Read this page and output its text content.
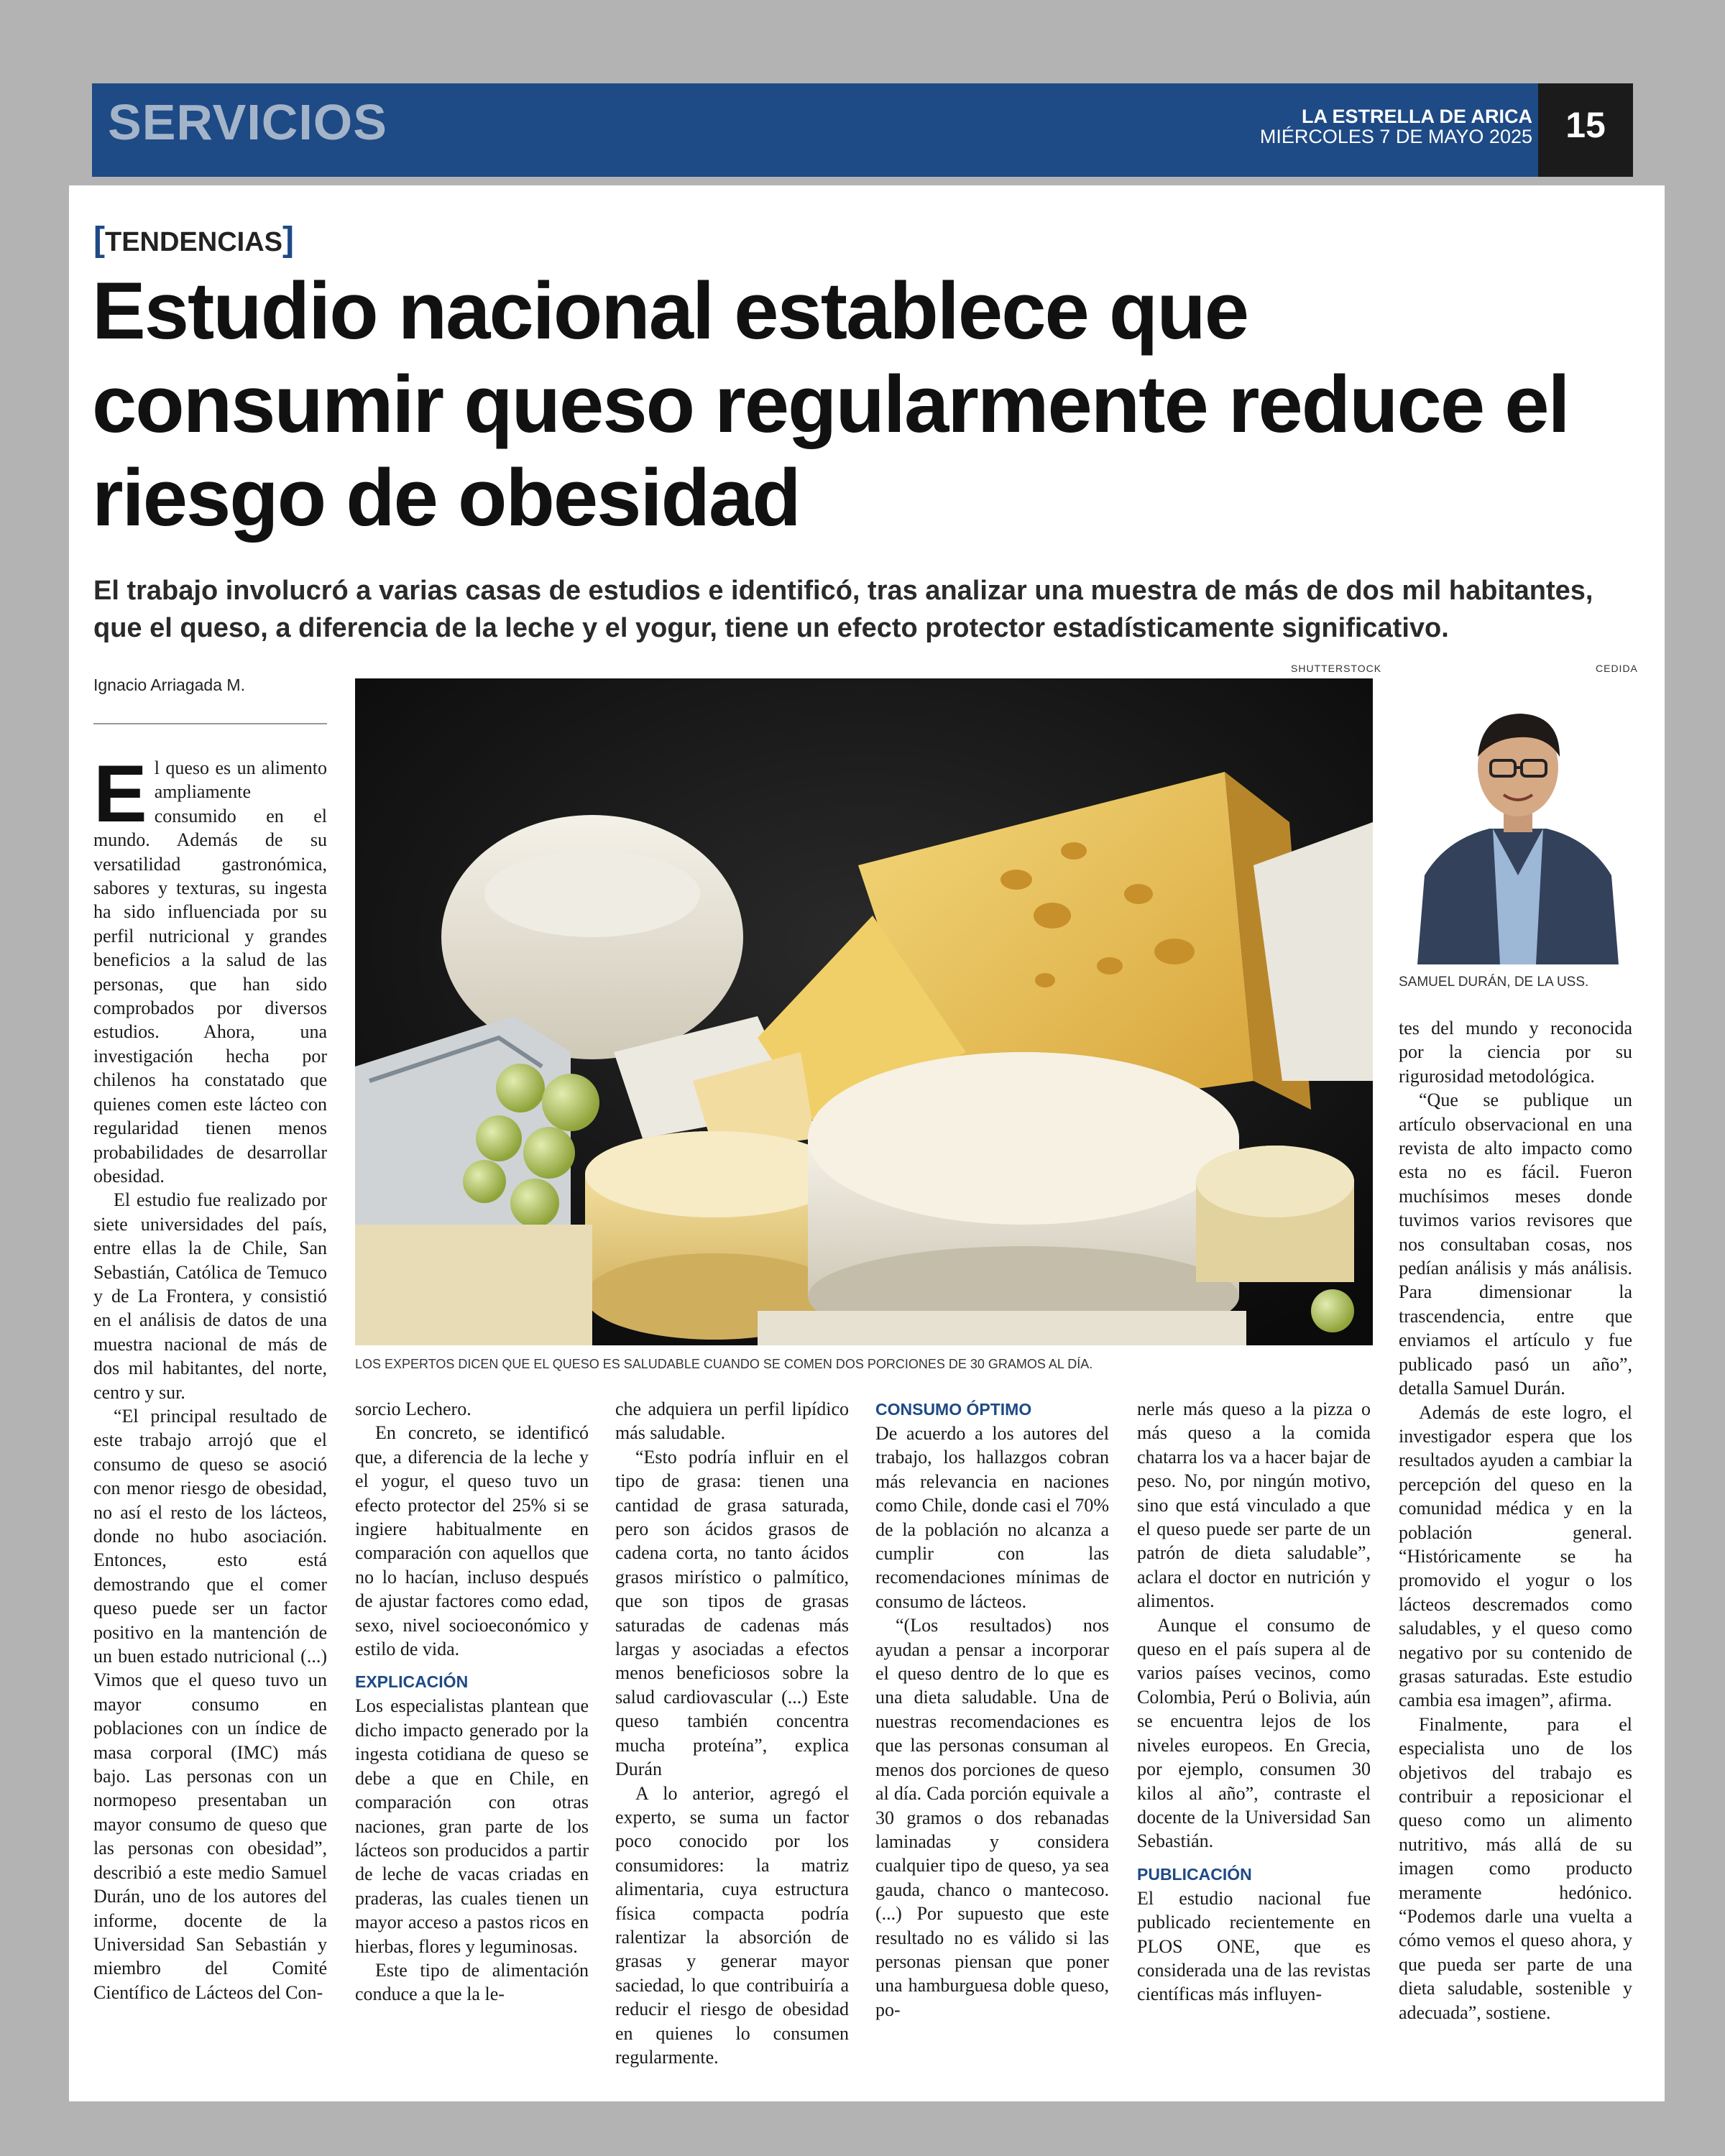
SERVICIOS	LA ESTRELLA DE ARICA
MIÉRCOLES 7 DE MAYO 2025 15
[TENDENCIAS]
Estudio nacional establece que consumir queso regularmente reduce el riesgo de obesidad
El trabajo involucró a varias casas de estudios e identificó, tras analizar una muestra de más de dos mil habitantes, que el queso, a diferencia de la leche y el yogur, tiene un efecto protector estadísticamente significativo.
Ignacio Arriagada M.
SHUTTERSTOCK
LOS EXPERTOS DICEN QUE EL QUESO ES SALUDABLE CUANDO SE COMEN DOS PORCIONES DE 30 GRAMOS AL DÍA.
CEDIDA
SAMUEL DURÁN, DE LA USS.
E l queso es un alimento ampliamente consumido en el mundo. Además de su versatilidad gastronómica, sabores y texturas, su ingesta ha sido influenciada por su perfil nutricional y grandes beneficios a la salud de las personas, que han sido comprobados por diversos estudios. Ahora, una investigación hecha por chilenos ha constatado que quienes comen este lácteo con regularidad tienen menos probabilidades de desarrollar obesidad.

El estudio fue realizado por siete universidades del país, entre ellas la de Chile, San Sebastián, Católica de Temuco y de La Frontera, y consistió en el análisis de datos de una muestra nacional de más de dos mil habitantes, del norte, centro y sur.

“El principal resultado de este trabajo arrojó que el consumo de queso se asoció con menor riesgo de obesidad, no así el resto de los lácteos, donde no hubo asociación. Entonces, esto está demostrando que el comer queso puede ser un factor positivo en la mantención de un buen estado nutricional (...) Vimos que el queso tuvo un mayor consumo en poblaciones con un índice de masa corporal (IMC) más bajo. Las personas con un normopeso presentaban un mayor consumo de queso que las personas con obesidad”, describió a este medio Samuel Durán, uno de los autores del informe, docente de la Universidad San Sebastián y miembro del Comité Científico de Lácteos del Con-

sorcio Lechero.

En concreto, se identificó que, a diferencia de la leche y el yogur, el queso tuvo un efecto protector del 25% si se ingiere habitualmente en comparación con aquellos que no lo hacían, incluso después de ajustar factores como edad, sexo, nivel socioeconómico y estilo de vida.

EXPLICACIÓN

Los especialistas plantean que dicho impacto generado por la ingesta cotidiana de queso se debe a que en Chile, en comparación con otras naciones, gran parte de los lácteos son producidos a partir de leche de vacas criadas en praderas, las cuales tienen un mayor acceso a pastos ricos en hierbas, flores y leguminosas.

Este tipo de alimentación conduce a que la le-

che adquiera un perfil lipídico más saludable.

“Esto podría influir en el tipo de grasa: tienen una cantidad de grasa saturada, pero son ácidos grasos de cadena corta, no tanto ácidos grasos mirístico o palmítico, que son tipos de grasas saturadas de cadenas más largas y asociadas a efectos menos beneficiosos sobre la salud cardiovascular (...) Este queso también concentra mucha proteína”, explica Durán

A lo anterior, agregó el experto, se suma un factor poco conocido por los consumidores: la matriz alimentaria, cuya estructura física compacta podría ralentizar la absorción de grasas y generar mayor saciedad, lo que contribuiría a reducir el riesgo de obesidad en quienes lo consumen regularmente.

CONSUMO ÓPTIMO

De acuerdo a los autores del trabajo, los hallazgos cobran más relevancia en naciones como Chile, donde casi el 70% de la población no alcanza a cumplir con las recomendaciones mínimas de consumo de lácteos.

“(Los resultados) nos ayudan a pensar a incorporar el queso dentro de lo que es una dieta saludable. Una de nuestras recomendaciones es que las personas consuman al menos dos porciones de queso al día. Cada porción equivale a 30 gramos o dos rebanadas laminadas y considera cualquier tipo de queso, ya sea gauda, chanco o mantecoso. (...) Por supuesto que este resultado no es válido si las personas piensan que poner una hamburguesa doble queso, po-

nerle más queso a la pizza o más queso a la comida chatarra los va a hacer bajar de peso. No, por ningún motivo, sino que está vinculado a que el queso puede ser parte de un patrón de dieta saludable”, aclara el doctor en nutrición y alimentos.

Aunque el consumo de queso en el país supera al de varios países vecinos, como Colombia, Perú o Bolivia, aún se encuentra lejos de los niveles europeos. En Grecia, por ejemplo, consumen 30 kilos al año”, contraste el docente de la Universidad San Sebastián.

PUBLICACIÓN

El estudio nacional fue publicado recientemente en PLOS ONE, que es considerada una de las revistas científicas más influyen-

tes del mundo y reconocida por la ciencia por su rigurosidad metodológica.

“Que se publique un artículo observacional en una revista de alto impacto como esta no es fácil. Fueron muchísimos meses donde tuvimos varios revisores que nos consultaban cosas, nos pedían análisis y más análisis. Para dimensionar la trascendencia, entre que enviamos el artículo y fue publicado pasó un año”, detalla Samuel Durán.

Además de este logro, el investigador espera que los resultados ayuden a cambiar la percepción del queso en la comunidad médica y en la población general. “Históricamente se ha promovido el yogur o los lácteos descremados como saludables, y el queso como negativo por su contenido de grasas saturadas. Este estudio cambia esa imagen”, afirma.

Finalmente, para el especialista uno de los objetivos del trabajo es contribuir a reposicionar el queso como un alimento nutritivo, más allá de su imagen como producto meramente hedónico. “Podemos darle una vuelta a cómo vemos el queso ahora, y que pueda ser parte de una dieta saludable, sostenible y adecuada”, sostiene.
